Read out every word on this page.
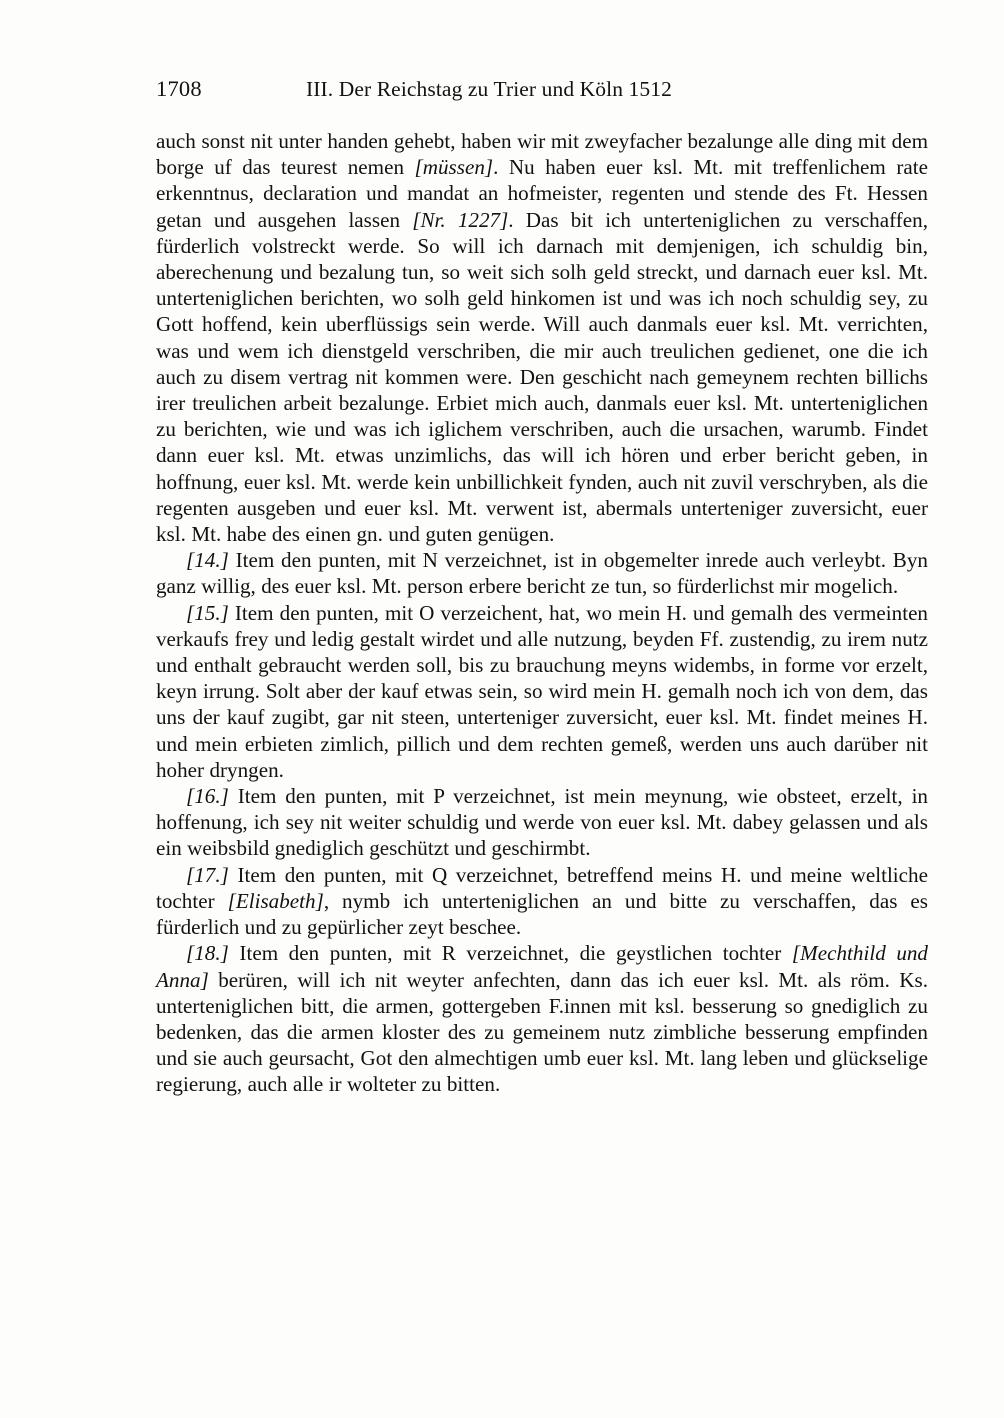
1708	III. Der Reichstag zu Trier und Köln 1512

auch sonst nit unter handen gehebt, haben wir mit zweyfacher bezalunge alle ding mit dem borge uf das teurest nemen [müssen]. Nu haben euer ksl. Mt. mit treffenlichem rate erkenntnus, declaration und mandat an hofmeister, regenten und stende des Ft. Hessen getan und ausgehen lassen [Nr. 1227]. Das bit ich unterteniglichen zu verschaffen, fürderlich volstreckt werde. So will ich darnach mit demjenigen, ich schuldig bin, aberechenung und bezalung tun, so weit sich solh geld streckt, und darnach euer ksl. Mt. unterteniglichen berichten, wo solh geld hinkomen ist und was ich noch schuldig sey, zu Gott hoffend, kein uberflüssigs sein werde. Will auch danmals euer ksl. Mt. verrichten, was und wem ich dienstgeld verschriben, die mir auch treulichen gedienet, one die ich auch zu disem vertrag nit kommen were. Den geschicht nach gemeynem rechten billichs irer treulichen arbeit bezalunge. Erbiet mich auch, danmals euer ksl. Mt. unterteniglichen zu berichten, wie und was ich iglichem verschriben, auch die ursachen, warumb. Findet dann euer ksl. Mt. etwas unzimlichs, das will ich hören und erber bericht geben, in hoffnung, euer ksl. Mt. werde kein unbillichkeit fynden, auch nit zuvil verschryben, als die regenten ausgeben und euer ksl. Mt. verwent ist, abermals unterteniger zuversicht, euer ksl. Mt. habe des einen gn. und guten genügen.

[14.] Item den punten, mit N verzeichnet, ist in obgemelter inrede auch verleybt. Byn ganz willig, des euer ksl. Mt. person erbere bericht ze tun, so fürderlichst mir mogelich.

[15.] Item den punten, mit O verzeichent, hat, wo mein H. und gemalh des vermeinten verkaufs frey und ledig gestalt wirdet und alle nutzung, beyden Ff. zustendig, zu irem nutz und enthalt gebraucht werden soll, bis zu brauchung meyns widembs, in forme vor erzelt, keyn irrung. Solt aber der kauf etwas sein, so wird mein H. gemalh noch ich von dem, das uns der kauf zugibt, gar nit steen, unterteniger zuversicht, euer ksl. Mt. findet meines H. und mein erbieten zimlich, pillich und dem rechten gemeß, werden uns auch darüber nit hoher dryngen.

[16.] Item den punten, mit P verzeichnet, ist mein meynung, wie obsteet, erzelt, in hoffenung, ich sey nit weiter schuldig und werde von euer ksl. Mt. dabey gelassen und als ein weibsbild gnediglich geschützt und geschirmbt.

[17.] Item den punten, mit Q verzeichnet, betreffend meins H. und meine weltliche tochter [Elisabeth], nymb ich unterteniglichen an und bitte zu verschaffen, das es fürderlich und zu gepürlicher zeyt beschee.

[18.] Item den punten, mit R verzeichnet, die geystlichen tochter [Mechthild und Anna] berüren, will ich nit weyter anfechten, dann das ich euer ksl. Mt. als röm. Ks. unterteniglichen bitt, die armen, gottergeben F.innen mit ksl. besserung so gnediglich zu bedenken, das die armen kloster des zu gemeinem nutz zimbliche besserung empfinden und sie auch geursacht, Got den almechtigen umb euer ksl. Mt. lang leben und glückselige regierung, auch alle ir wolteter zu bitten.
